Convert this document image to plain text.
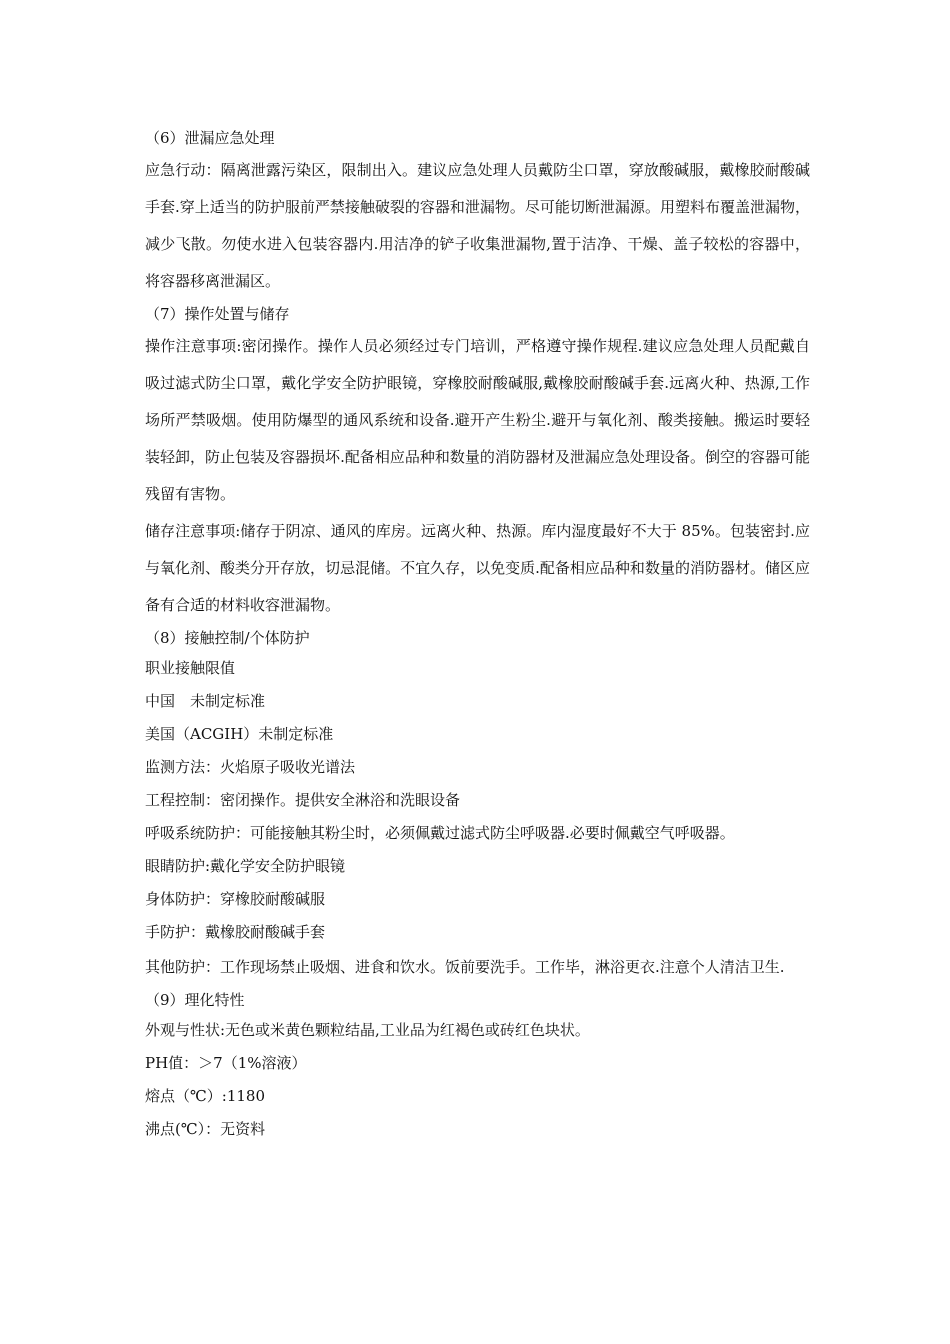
（6）泄漏应急处理

应急行动：隔离泄露污染区，限制出入。建议应急处理人员戴防尘口罩，穿放酸碱服，戴橡胶耐酸碱手套.穿上适当的防护服前严禁接触破裂的容器和泄漏物。尽可能切断泄漏源。用塑料布覆盖泄漏物，减少飞散。勿使水进入包装容器内.用洁净的铲子收集泄漏物,置于洁净、干燥、盖子较松的容器中，将容器移离泄漏区。

（7）操作处置与储存

操作注意事项:密闭操作。操作人员必须经过专门培训，严格遵守操作规程.建议应急处理人员配戴自吸过滤式防尘口罩，戴化学安全防护眼镜，穿橡胶耐酸碱服,戴橡胶耐酸碱手套.远离火种、热源,工作场所严禁吸烟。使用防爆型的通风系统和设备.避开产生粉尘.避开与氧化剂、酸类接触。搬运时要轻装轻卸，防止包装及容器损坏.配备相应品种和数量的消防器材及泄漏应急处理设备。倒空的容器可能残留有害物。

储存注意事项:储存于阴凉、通风的库房。远离火种、热源。库内湿度最好不大于 85%。包装密封.应与氧化剂、酸类分开存放，切忌混储。不宜久存，以免变质.配备相应品种和数量的消防器材。储区应备有合适的材料收容泄漏物。

（8）接触控制/个体防护

职业接触限值

中国　未制定标准

美国（ACGIH）未制定标准

监测方法：火焰原子吸收光谱法

工程控制：密闭操作。提供安全淋浴和洗眼设备

呼吸系统防护：可能接触其粉尘时，必须佩戴过滤式防尘呼吸器.必要时佩戴空气呼吸器。

眼睛防护:戴化学安全防护眼镜

身体防护：穿橡胶耐酸碱服

手防护：戴橡胶耐酸碱手套

其他防护：工作现场禁止吸烟、进食和饮水。饭前要洗手。工作毕，淋浴更衣.注意个人清洁卫生.

（9）理化特性

外观与性状:无色或米黄色颗粒结晶,工业品为红褐色或砖红色块状。

PH值：＞7（1%溶液）

熔点（℃）:1180

沸点(℃）：无资料
